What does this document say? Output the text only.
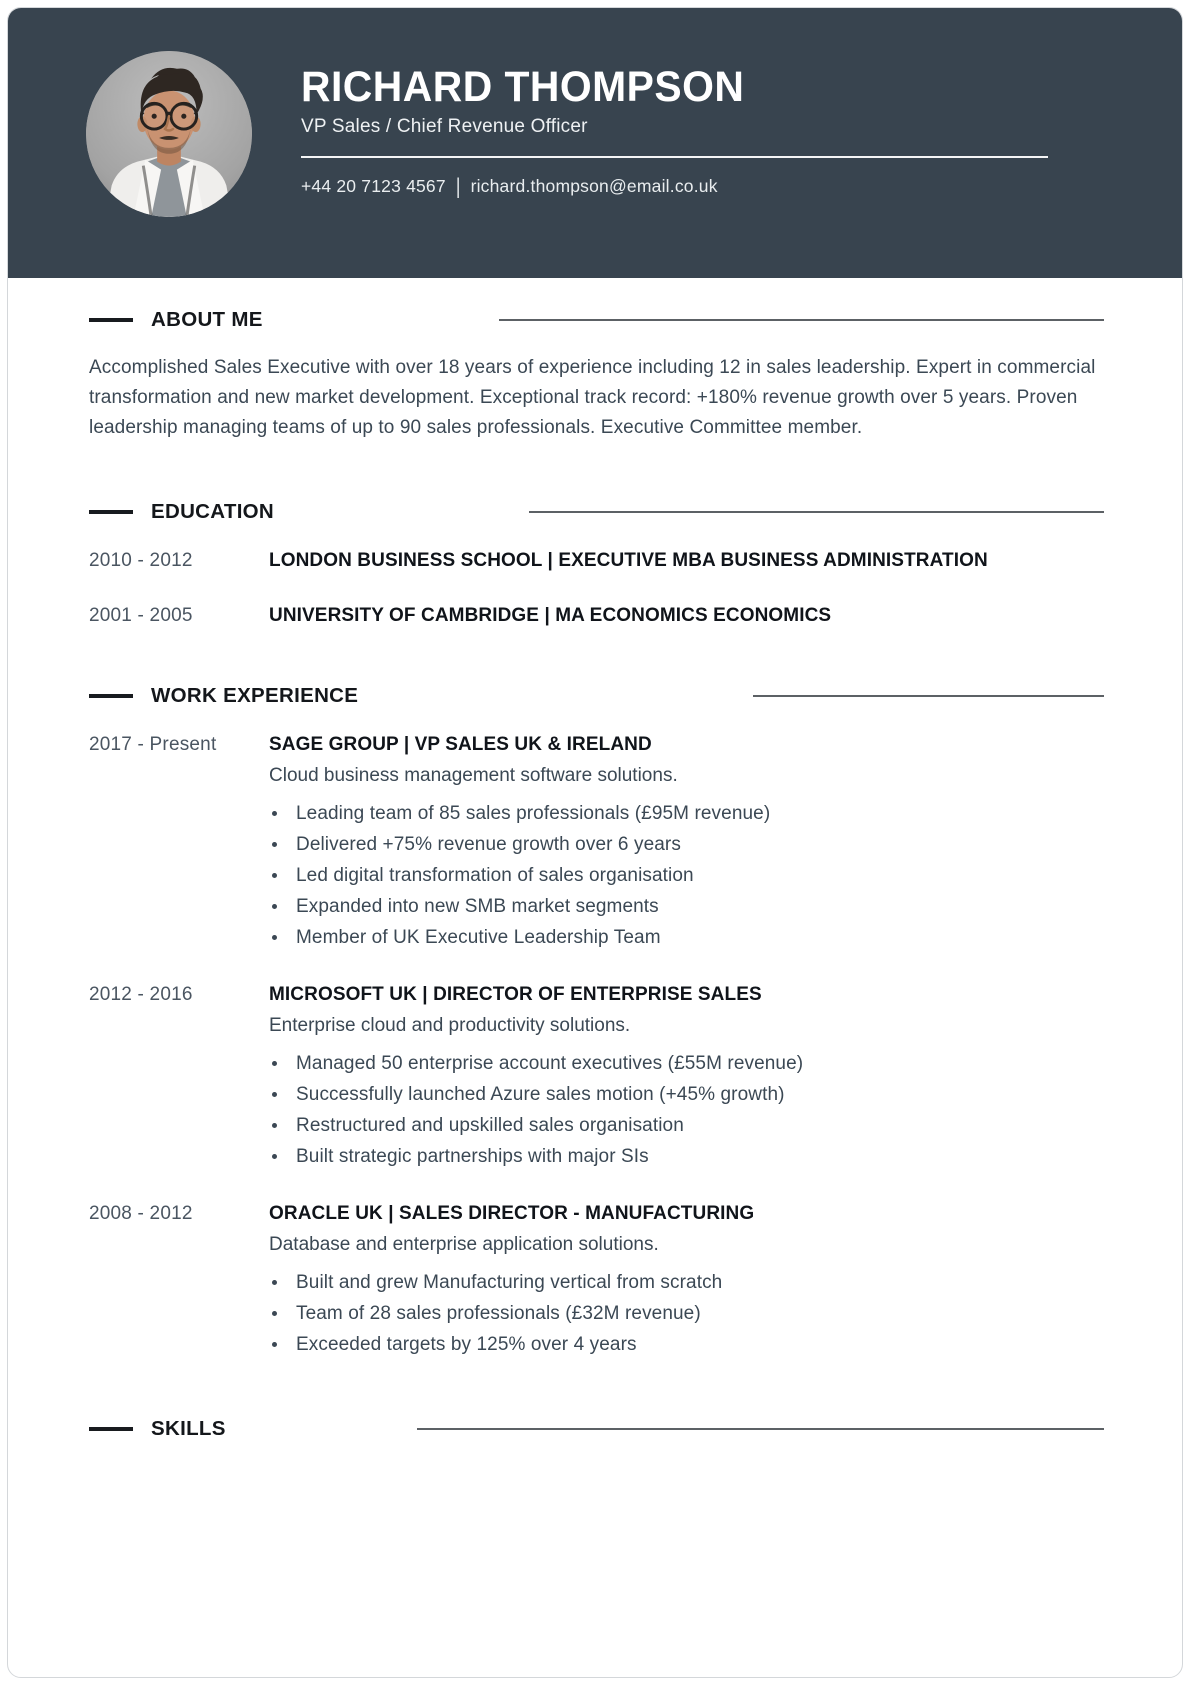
RICHARD THOMPSON
VP Sales / Chief Revenue Officer
+44 20 7123 4567 | richard.thompson@email.co.uk
ABOUT ME

Accomplished Sales Executive with over 18 years of experience including 12 in sales leadership. Expert in commercial transformation and new market development. Exceptional track record: +180% revenue growth over 5 years. Proven leadership managing teams of up to 90 sales professionals. Executive Committee member.

EDUCATION
2010 - 2012	LONDON BUSINESS SCHOOL | EXECUTIVE MBA BUSINESS ADMINISTRATION
2001 - 2005	UNIVERSITY OF CAMBRIDGE | MA ECONOMICS ECONOMICS
WORK EXPERIENCE
2017 - Present	SAGE GROUP | VP SALES UK & IRELAND
Cloud business management software solutions.
Leading team of 85 sales professionals (£95M revenue)
Delivered +75% revenue growth over 6 years
Led digital transformation of sales organisation
Expanded into new SMB market segments
Member of UK Executive Leadership Team
2012 - 2016	MICROSOFT UK | DIRECTOR OF ENTERPRISE SALES
Enterprise cloud and productivity solutions.
Managed 50 enterprise account executives (£55M revenue)
Successfully launched Azure sales motion (+45% growth)
Restructured and upskilled sales organisation
Built strategic partnerships with major SIs
2008 - 2012	ORACLE UK | SALES DIRECTOR - MANUFACTURING
Database and enterprise application solutions.
Built and grew Manufacturing vertical from scratch
Team of 28 sales professionals (£32M revenue)
Exceeded targets by 125% over 4 years
SKILLS
